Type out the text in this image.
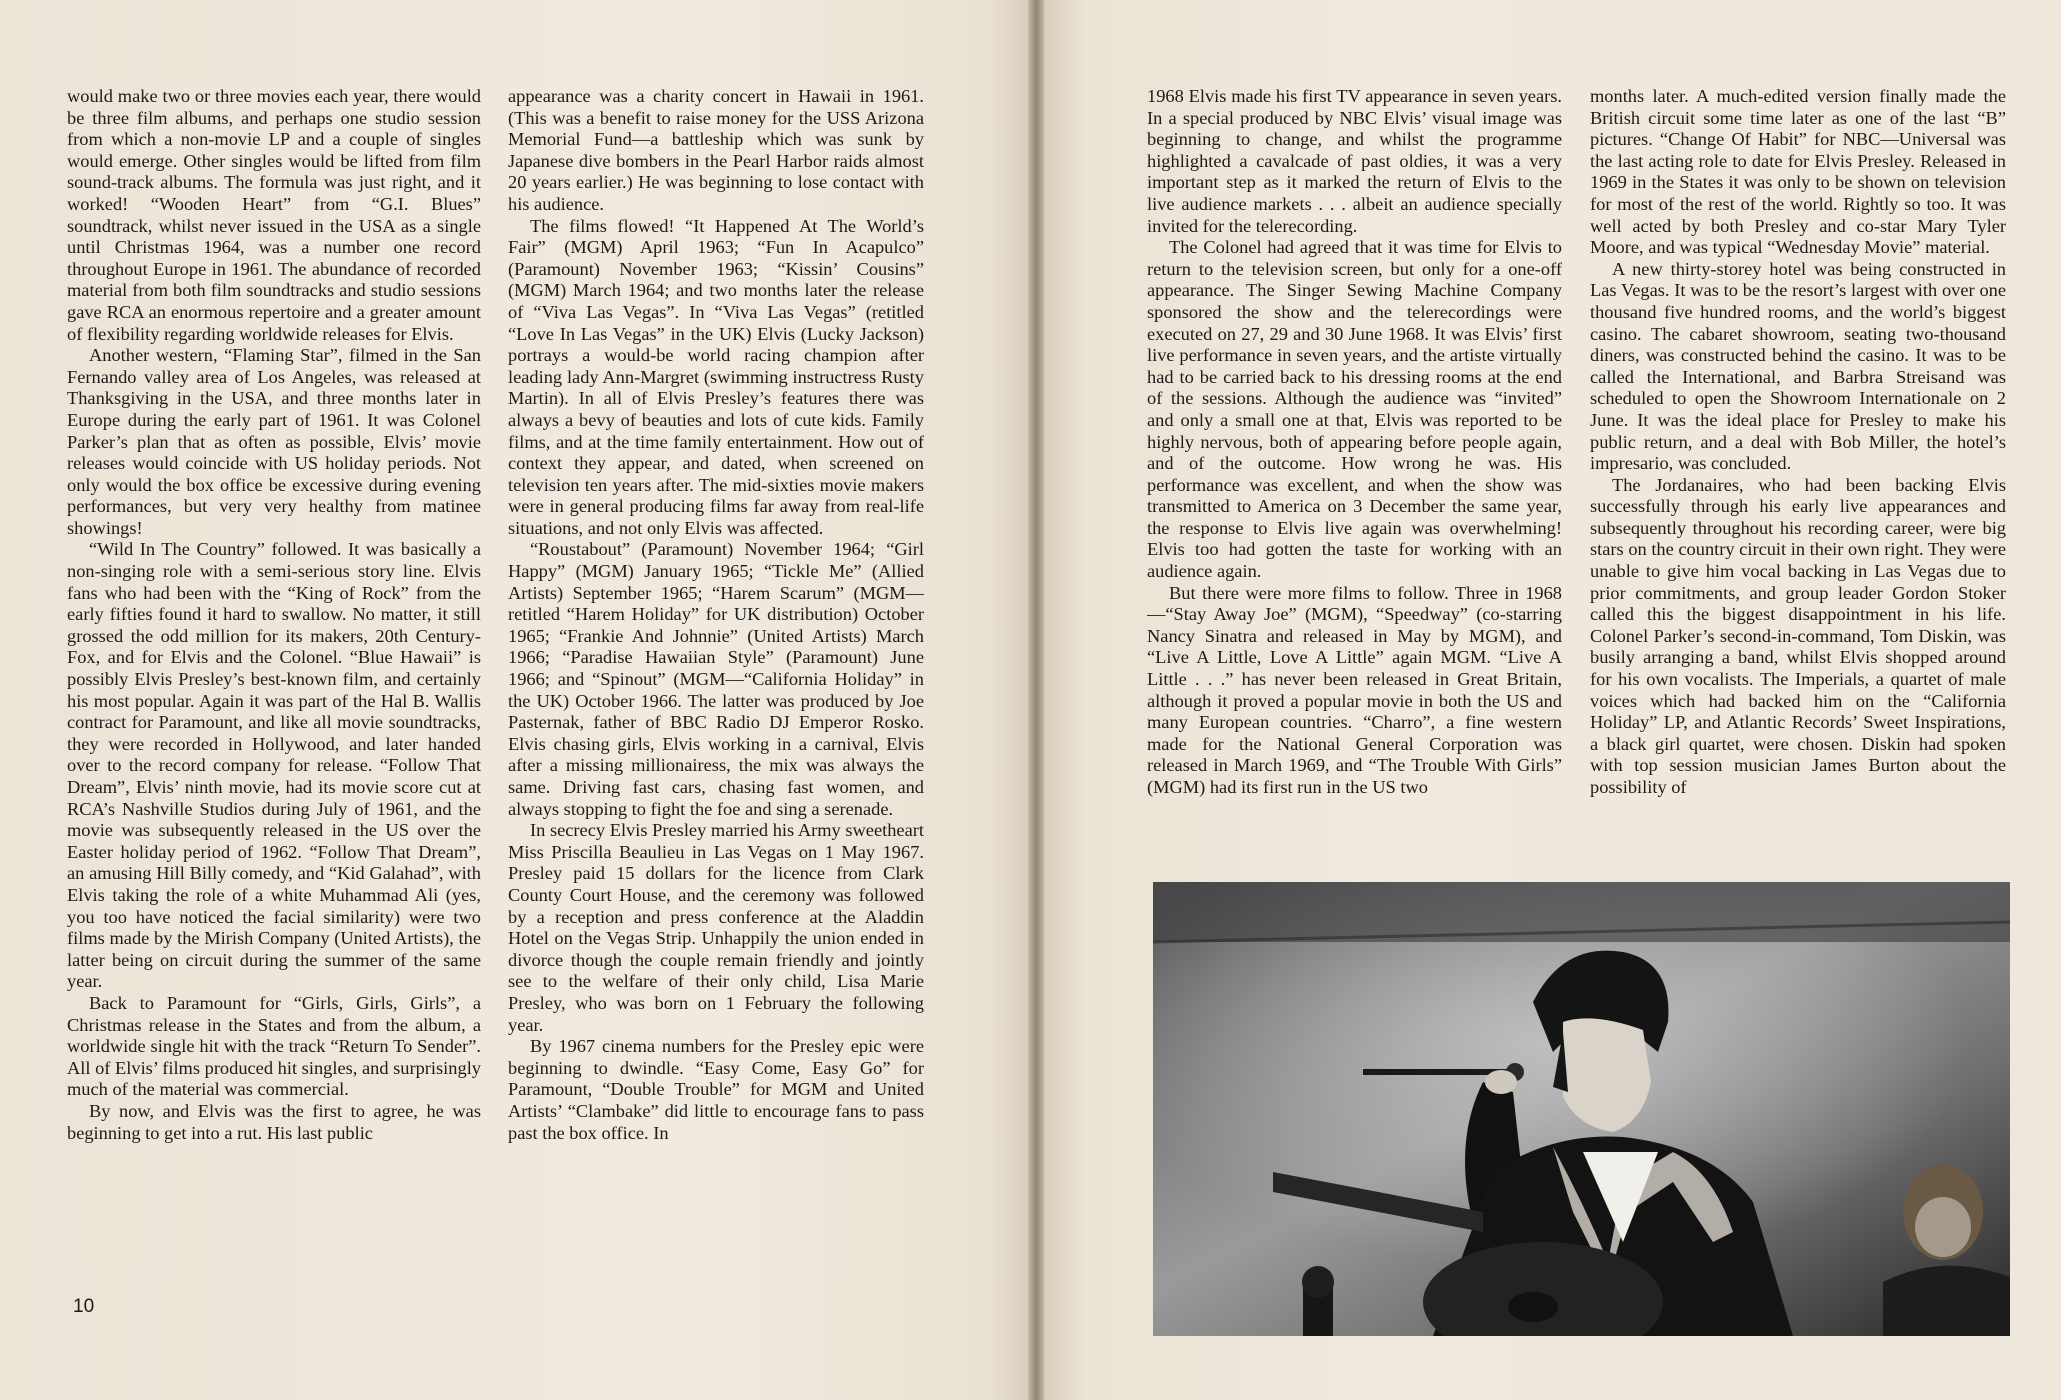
would make two or three movies each year, there would be three film albums, and perhaps one studio session from which a non-movie LP and a couple of singles would emerge. Other singles would be lifted from film sound-track albums. The formula was just right, and it worked! “Wooden Heart” from “G.I. Blues” soundtrack, whilst never issued in the USA as a single until Christmas 1964, was a number one record throughout Europe in 1961. The abundance of recorded material from both film soundtracks and studio sessions gave RCA an enormous repertoire and a greater amount of flexibility regarding worldwide releases for Elvis.

Another western, “Flaming Star”, filmed in the San Fernando valley area of Los Angeles, was released at Thanksgiving in the USA, and three months later in Europe during the early part of 1961. It was Colonel Parker’s plan that as often as possible, Elvis’ movie releases would coincide with US holiday periods. Not only would the box office be excessive during evening performances, but very very healthy from matinee showings!

“Wild In The Country” followed. It was basically a non-singing role with a semi-serious story line. Elvis fans who had been with the “King of Rock” from the early fifties found it hard to swallow. No matter, it still grossed the odd million for its makers, 20th Century-Fox, and for Elvis and the Colonel. “Blue Hawaii” is possibly Elvis Presley’s best-known film, and certainly his most popular. Again it was part of the Hal B. Wallis contract for Paramount, and like all movie soundtracks, they were recorded in Hollywood, and later handed over to the record company for release. “Follow That Dream”, Elvis’ ninth movie, had its movie score cut at RCA’s Nashville Studios during July of 1961, and the movie was subsequently released in the US over the Easter holiday period of 1962. “Follow That Dream”, an amusing Hill Billy comedy, and “Kid Galahad”, with Elvis taking the role of a white Muhammad Ali (yes, you too have noticed the facial similarity) were two films made by the Mirish Company (United Artists), the latter being on circuit during the summer of the same year.

Back to Paramount for “Girls, Girls, Girls”, a Christmas release in the States and from the album, a worldwide single hit with the track “Return To Sender”. All of Elvis’ films produced hit singles, and surprisingly much of the material was commercial.

By now, and Elvis was the first to agree, he was beginning to get into a rut. His last public

appearance was a charity concert in Hawaii in 1961. (This was a benefit to raise money for the USS Arizona Memorial Fund—a battleship which was sunk by Japanese dive bombers in the Pearl Harbor raids almost 20 years earlier.) He was beginning to lose contact with his audience.

The films flowed! “It Happened At The World’s Fair” (MGM) April 1963; “Fun In Acapulco” (Paramount) November 1963; “Kissin’ Cousins” (MGM) March 1964; and two months later the release of “Viva Las Vegas”. In “Viva Las Vegas” (retitled “Love In Las Vegas” in the UK) Elvis (Lucky Jackson) portrays a would-be world racing champion after leading lady Ann-Margret (swimming instructress Rusty Martin). In all of Elvis Presley’s features there was always a bevy of beauties and lots of cute kids. Family films, and at the time family entertainment. How out of context they appear, and dated, when screened on television ten years after. The mid-sixties movie makers were in general producing films far away from real-life situations, and not only Elvis was affected.

“Roustabout” (Paramount) November 1964; “Girl Happy” (MGM) January 1965; “Tickle Me” (Allied Artists) September 1965; “Harem Scarum” (MGM—retitled “Harem Holiday” for UK distribution) October 1965; “Frankie And Johnnie” (United Artists) March 1966; “Paradise Hawaiian Style” (Paramount) June 1966; and “Spinout” (MGM—“California Holiday” in the UK) October 1966. The latter was produced by Joe Pasternak, father of BBC Radio DJ Emperor Rosko. Elvis chasing girls, Elvis working in a carnival, Elvis after a missing millionairess, the mix was always the same. Driving fast cars, chasing fast women, and always stopping to fight the foe and sing a serenade.

In secrecy Elvis Presley married his Army sweetheart Miss Priscilla Beaulieu in Las Vegas on 1 May 1967. Presley paid 15 dollars for the licence from Clark County Court House, and the ceremony was followed by a reception and press conference at the Aladdin Hotel on the Vegas Strip. Unhappily the union ended in divorce though the couple remain friendly and jointly see to the welfare of their only child, Lisa Marie Presley, who was born on 1 February the following year.

By 1967 cinema numbers for the Presley epic were beginning to dwindle. “Easy Come, Easy Go” for Paramount, “Double Trouble” for MGM and United Artists’ “Clambake” did little to encourage fans to pass past the box office. In

10

1968 Elvis made his first TV appearance in seven years. In a special produced by NBC Elvis’ visual image was beginning to change, and whilst the programme highlighted a cavalcade of past oldies, it was a very important step as it marked the return of Elvis to the live audience markets . . . albeit an audience specially invited for the telerecording.

The Colonel had agreed that it was time for Elvis to return to the television screen, but only for a one-off appearance. The Singer Sewing Machine Company sponsored the show and the telerecordings were executed on 27, 29 and 30 June 1968. It was Elvis’ first live performance in seven years, and the artiste virtually had to be carried back to his dressing rooms at the end of the sessions. Although the audience was “invited” and only a small one at that, Elvis was reported to be highly nervous, both of appearing before people again, and of the outcome. How wrong he was. His performance was excellent, and when the show was transmitted to America on 3 December the same year, the response to Elvis live again was overwhelming! Elvis too had gotten the taste for working with an audience again.

But there were more films to follow. Three in 1968—“Stay Away Joe” (MGM), “Speedway” (co-starring Nancy Sinatra and released in May by MGM), and “Live A Little, Love A Little” again MGM. “Live A Little . . .” has never been released in Great Britain, although it proved a popular movie in both the US and many European countries. “Charro”, a fine western made for the National General Corporation was released in March 1969, and “The Trouble With Girls” (MGM) had its first run in the US two

months later. A much-edited version finally made the British circuit some time later as one of the last “B” pictures. “Change Of Habit” for NBC—Universal was the last acting role to date for Elvis Presley. Released in 1969 in the States it was only to be shown on television for most of the rest of the world. Rightly so too. It was well acted by both Presley and co-star Mary Tyler Moore, and was typical “Wednesday Movie” material.

A new thirty-storey hotel was being constructed in Las Vegas. It was to be the resort’s largest with over one thousand five hundred rooms, and the world’s biggest casino. The cabaret showroom, seating two-thousand diners, was constructed behind the casino. It was to be called the International, and Barbra Streisand was scheduled to open the Showroom Internationale on 2 June. It was the ideal place for Presley to make his public return, and a deal with Bob Miller, the hotel’s impresario, was concluded.

The Jordanaires, who had been backing Elvis successfully through his early live appearances and subsequently throughout his recording career, were big stars on the country circuit in their own right. They were unable to give him vocal backing in Las Vegas due to prior commitments, and group leader Gordon Stoker called this the biggest disappointment in his life. Colonel Parker’s second-in-command, Tom Diskin, was busily arranging a band, whilst Elvis shopped around for his own vocalists. The Imperials, a quartet of male voices which had backed him on the “California Holiday” LP, and Atlantic Records’ Sweet Inspirations, a black girl quartet, were chosen. Diskin had spoken with top session musician James Burton about the possibility of
